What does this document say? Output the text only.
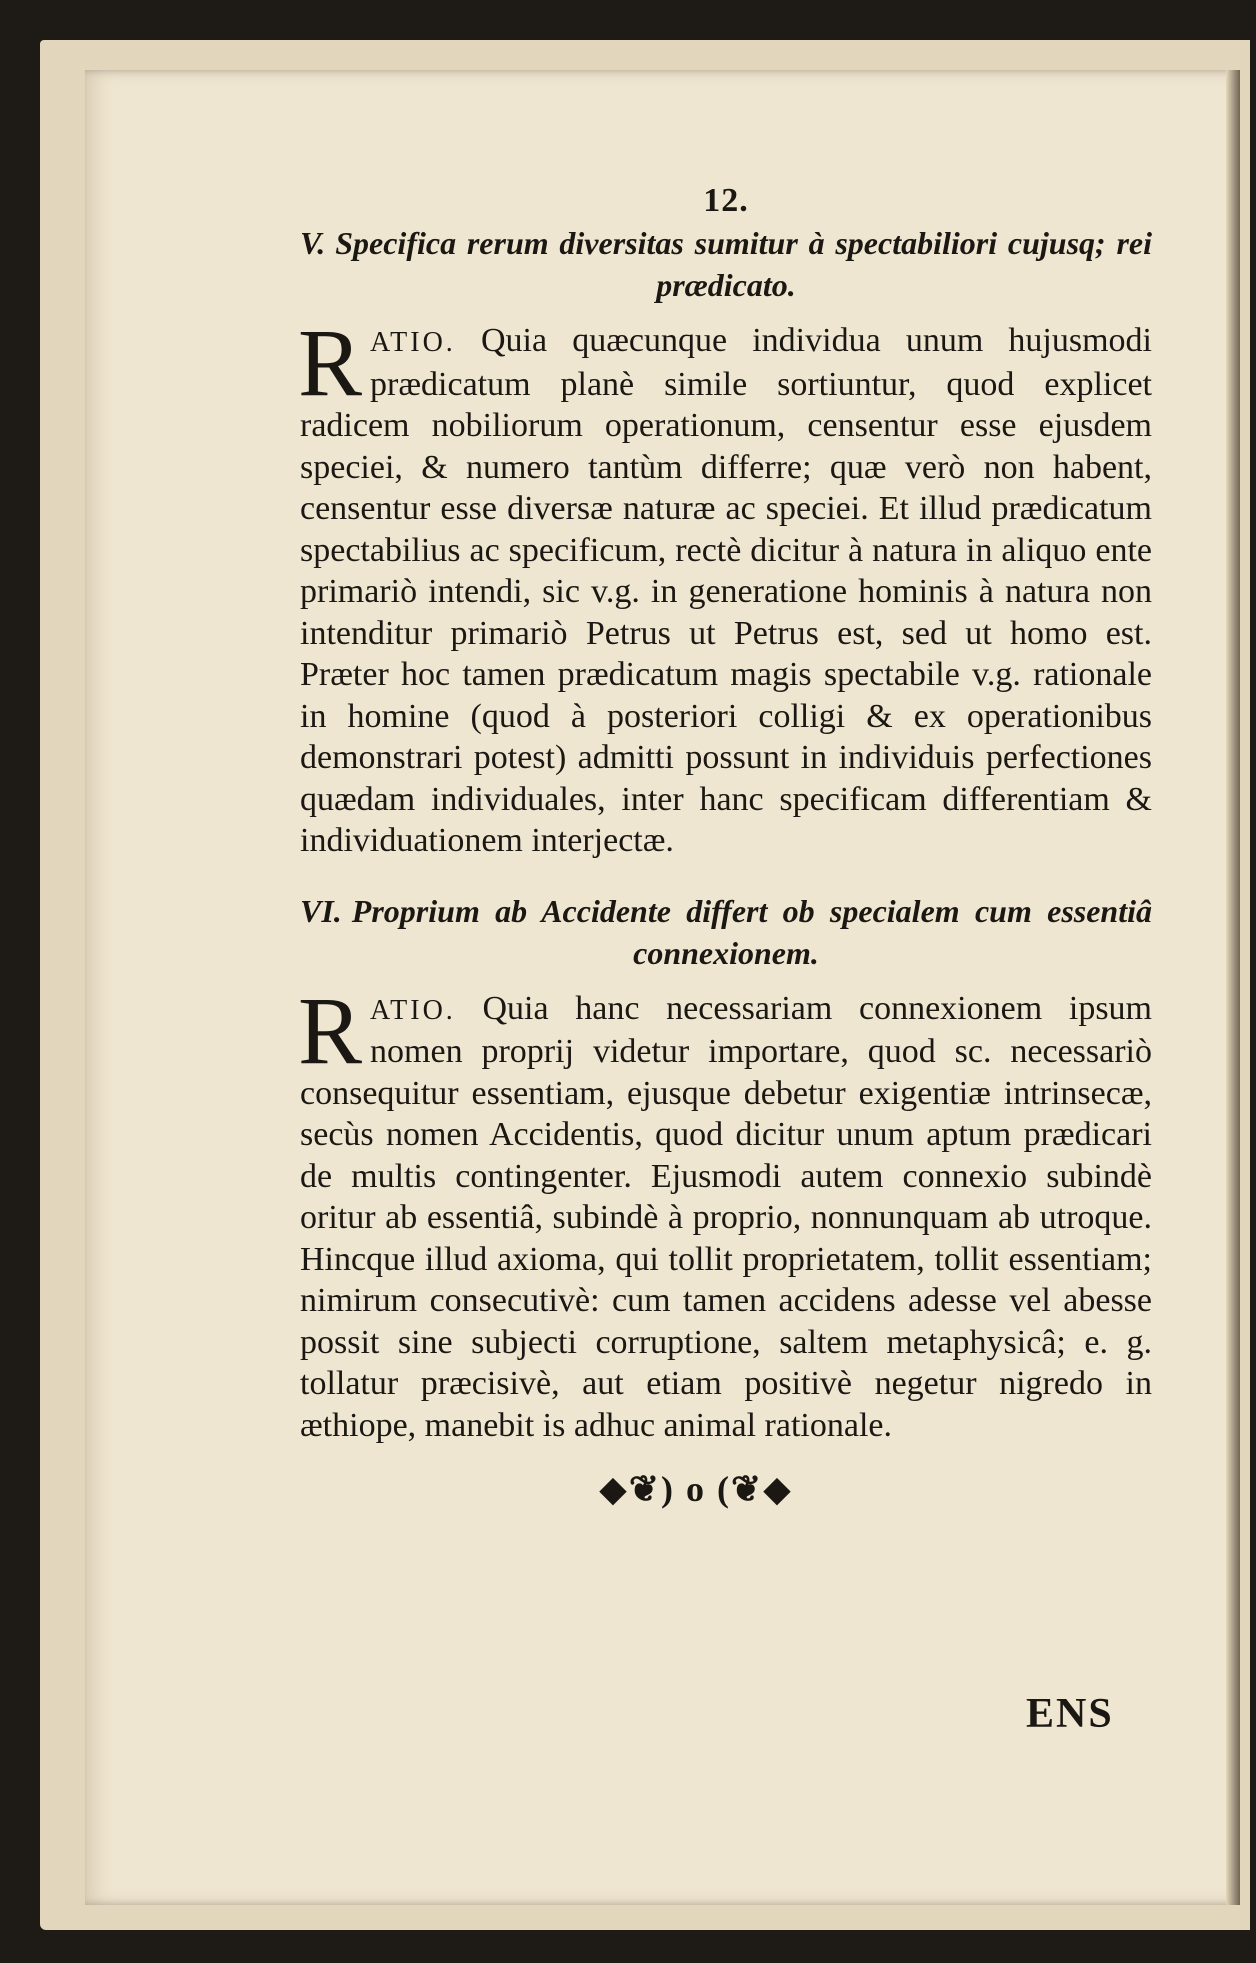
12.

V. Specifica rerum diversitas sumitur à spectabiliori cujusq; rei prædicato.

RATIO. Quia quæcunque individua unum hujusmodi prædicatum planè simile sortiuntur, quod explicet radicem nobiliorum operationum, censentur esse ejusdem speciei, & numero tantùm differre; quæ verò non habent, censentur esse diversæ naturæ ac speciei. Et illud prædicatum spectabilius ac specificum, rectè dicitur à natura in aliquo ente primariò intendi, sic v.g. in generatione hominis à natura non intenditur primariò Petrus ut Petrus est, sed ut homo est. Præter hoc tamen prædicatum magis spectabile v.g. rationale in homine (quod à posteriori colligi & ex operationibus demonstrari potest) admitti possunt in individuis perfectiones quædam individuales, inter hanc specificam differentiam & individuationem interjectæ.

VI. Proprium ab Accidente differt ob specialem cum essentiâ connexionem.

RATIO. Quia hanc necessariam connexionem ipsum nomen proprij videtur importare, quod sc. necessariò consequitur essentiam, ejusque debetur exigentiæ intrinsecæ, secùs nomen Accidentis, quod dicitur unum aptum prædicari de multis contingenter. Ejusmodi autem connexio subindè oritur ab essentiâ, subindè à proprio, nonnunquam ab utroque. Hincque illud axioma, qui tollit proprietatem, tollit essentiam; nimirum consecutivè: cum tamen accidens adesse vel abesse possit sine subjecti corruptione, saltem metaphysicâ; e. g. tollatur præcisivè, aut etiam positivè negetur nigredo in æthiope, manebit is adhuc animal rationale.

◆❦) o (❦◆
ENS
